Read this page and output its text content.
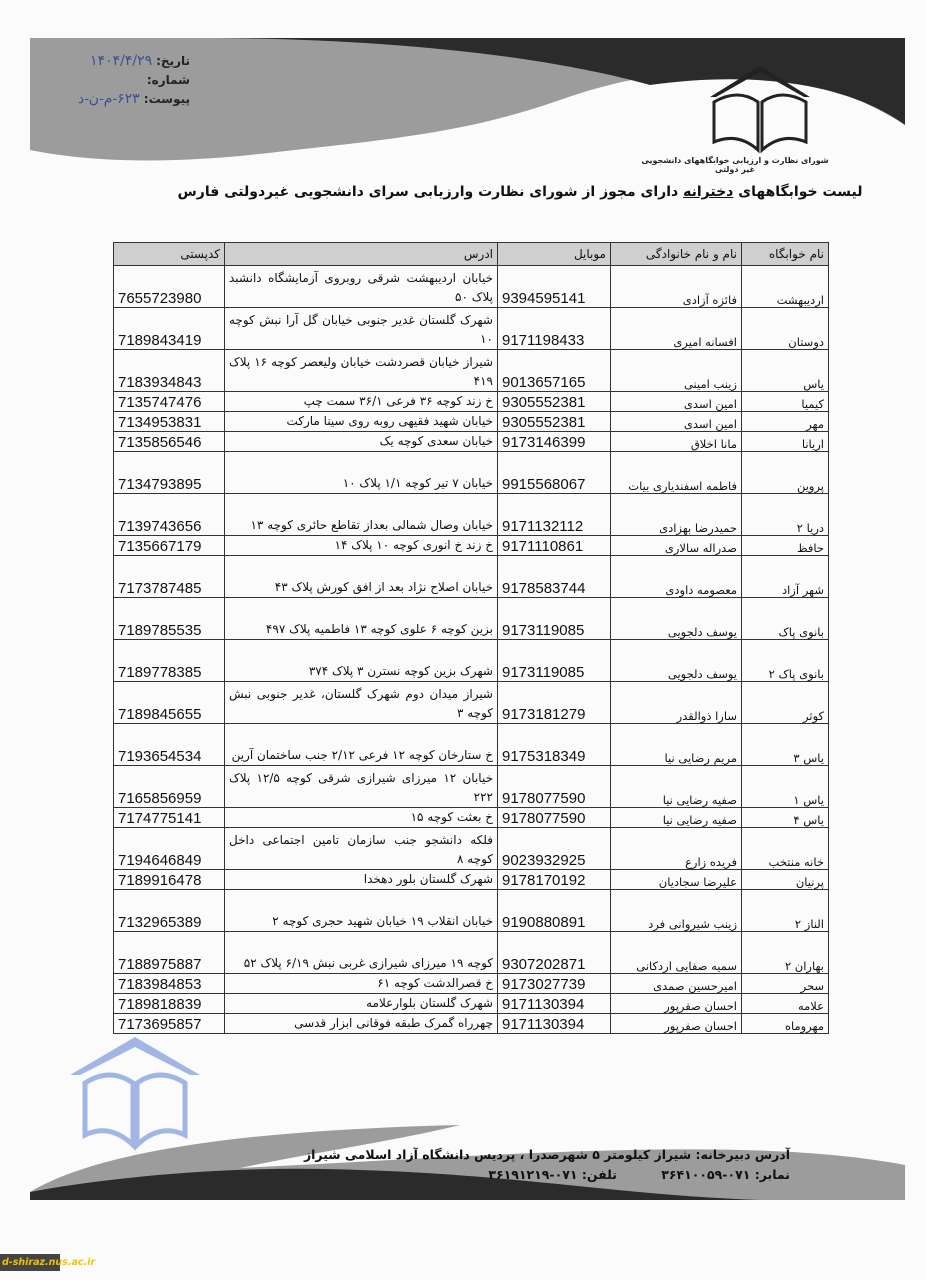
تاریخ:۱۴۰۴/۴/۲۹
شماره:
پیوست:۶۲۳-م-ن-د
شورای نظارت و ارزیابی خوابگاههای دانشجویی غیر دولتی
لیست خوابگاههای دخترانه دارای مجوز از شورای نظارت وارزیابی سرای دانشجویی غیردولتی فارس
نام خوابگاه	نام و نام خانوادگی	موبایل	ادرس	کدپستی
اردیبهشت	فائزه آزادی	9394595141	خیابان اردیبهشت شرقی روبروی آزمایشگاه دانشبد پلاک ۵۰	7655723980
دوستان	افسانه امیری	9171198433	شهرک گلستان غدیر جنوبی خیابان گل آرا نبش کوچه ۱۰	7189843419
یاس	زینب امینی	9013657165	شیراز خیابان قصردشت خیابان ولیعصر کوچه ۱۶ پلاک ۴۱۹	7183934843
کیمیا	امین اسدی	9305552381	خ زند کوچه ۳۶ فرعی ۳۶/۱ سمت چپ	7135747476
مهر	امین اسدی	9305552381	خیابان شهید فقیهی روبه روی سینا مارکت	7134953831
اریانا	مانا اخلاق	9173146399	خیابان سعدی کوچه یک	7135856546
پروین	فاطمه اسفندیاری بیات	9915568067	خیابان ۷ تیر کوچه ۱/۱ پلاک ۱۰	7134793895
دریا ۲	حمیدرضا بهزادی	9171132112	خیابان وصال شمالی بعداز تقاطع حائری کوچه ۱۳	7139743656
حافظ	صدراله سالاری	9171110861	خ زند خ انوری کوچه ۱۰ پلاک ۱۴	7135667179
شهر آزاد	معصومه داودی	9178583744	خیابان اصلاح نژاد بعد از افق کورش پلاک ۴۳	7173787485
بانوی پاک	یوسف دلجویی	9173119085	بزین کوچه ۶ علوی کوچه ۱۳ فاطمیه پلاک ۴۹۷	7189785535
بانوی پاک ۲	یوسف دلجویی	9173119085	شهرک بزین کوچه نسترن ۳ پلاک ۳۷۴	7189778385
کوثر	سارا ذوالقدر	9173181279	شیراز میدان دوم شهرک گلستان، غدیر جنوبی نبش کوچه ۳	7189845655
یاس ۳	مریم رضایی نیا	9175318349	خ ستارخان کوچه ۱۲ فرعی ۲/۱۲ جنب ساختمان آرین	7193654534
یاس ۱	صفیه رضایی نیا	9178077590	خیابان ۱۲ میرزای شیرازی شرقی کوچه ۱۲/۵ پلاک ۲۲۲	7165856959
یاس ۴	صفیه رضایی نیا	9178077590	خ بعثت کوچه ۱۵	7174775141
خانه منتخب	فریده زارع	9023932925	فلکه دانشجو جنب سازمان تامین اجتماعی داخل کوچه ۸	7194646849
پرنیان	علیرضا سجادیان	9178170192	شهرک گلستان بلور دهخدا	7189916478
الناز ۲	زینب شیروانی فرد	9190880891	خیابان انقلاب ۱۹ خیابان شهید حجری کوچه ۲	7132965389
بهاران ۲	سمیه صفایی اردکانی	9307202871	کوچه ۱۹ میرزای شیرازی غربی نبش ۶/۱۹ پلاک ۵۲	7188975887
سحر	امیرحسین صمدی	9173027739	خ قصرالدشت کوچه ۶۱	7183984853
علامه	احسان صفرپور	9171130394	شهرک گلستان بلوارعلامه	7189818839
مهروماه	احسان صفرپور	9171130394	چهرراه گمرک طبقه فوقانی ابزار قدسی	7173695857
آدرس دبیرخانه: شیراز کیلومتر ۵ شهرصدرا ، پردیس دانشگاه آزاد اسلامی شیراز
نمابر: ۰۷۱-۳۶۴۱۰۰۵۹ تلفن: ۰۷۱-۳۶۱۹۱۲۱۹
d-shiraz.nus.ac.ir
